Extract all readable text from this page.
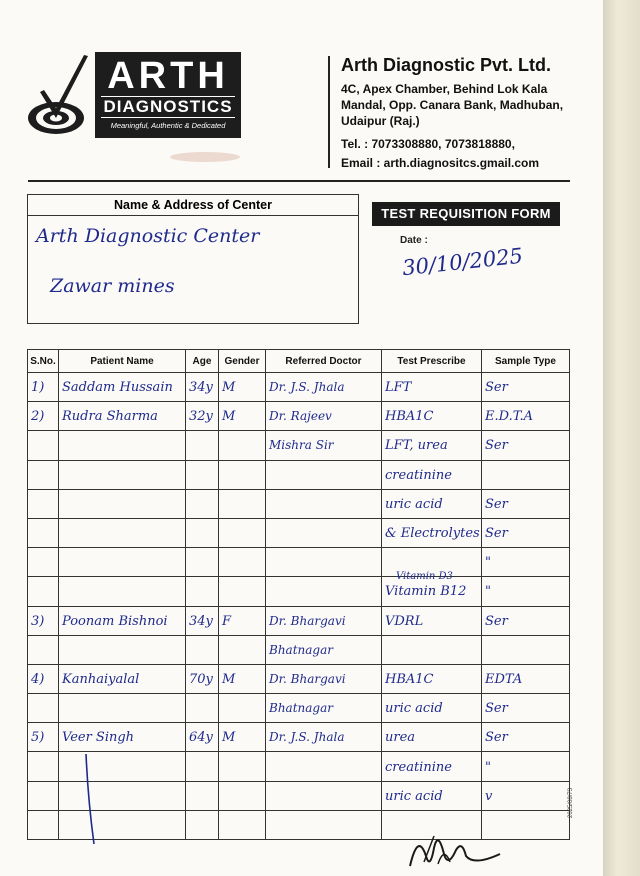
ARTH
DIAGNOSTICS
Meaningful, Authentic & Dedicated
Arth Diagnostic Pvt. Ltd.
4C, Apex Chamber, Behind Lok Kala
Mandal, Opp. Canara Bank, Madhuban,
Udaipur (Raj.)
Tel. : 7073308880, 7073818880,
Email : arth.diagnositcs.gmail.com
Name & Address of Center
Arth Diagnostic Center
Zawar mines
TEST REQUISITION FORM
Date :
30/10/2025
S.No.	Patient Name	Age	Gender	Referred Doctor	Test Prescribe	Sample Type
1)	Saddam Hussain	34y	M	Dr. J.S. Jhala	LFT	Ser
2)	Rudra Sharma	32y	M	Dr. Rajeev	HBA1C	E.D.T.A
				Mishra Sir	LFT, urea	Ser
					creatinine	
					uric acid	Ser
					& Electrolytes	Ser
						"
					Vitamin B12	"
3)	Poonam Bishnoi	34y	F	Dr. Bhargavi	VDRL	Ser
				Bhatnagar		
4)	Kanhaiyalal	70y	M	Dr. Bhargavi	HBA1C	EDTA
				Bhatnagar	uric acid	Ser
5)	Veer Singh	64y	M	Dr. J.S. Jhala	urea	Ser
					creatinine	"
					uric acid	v

Vitamin D3
2025/08/73
